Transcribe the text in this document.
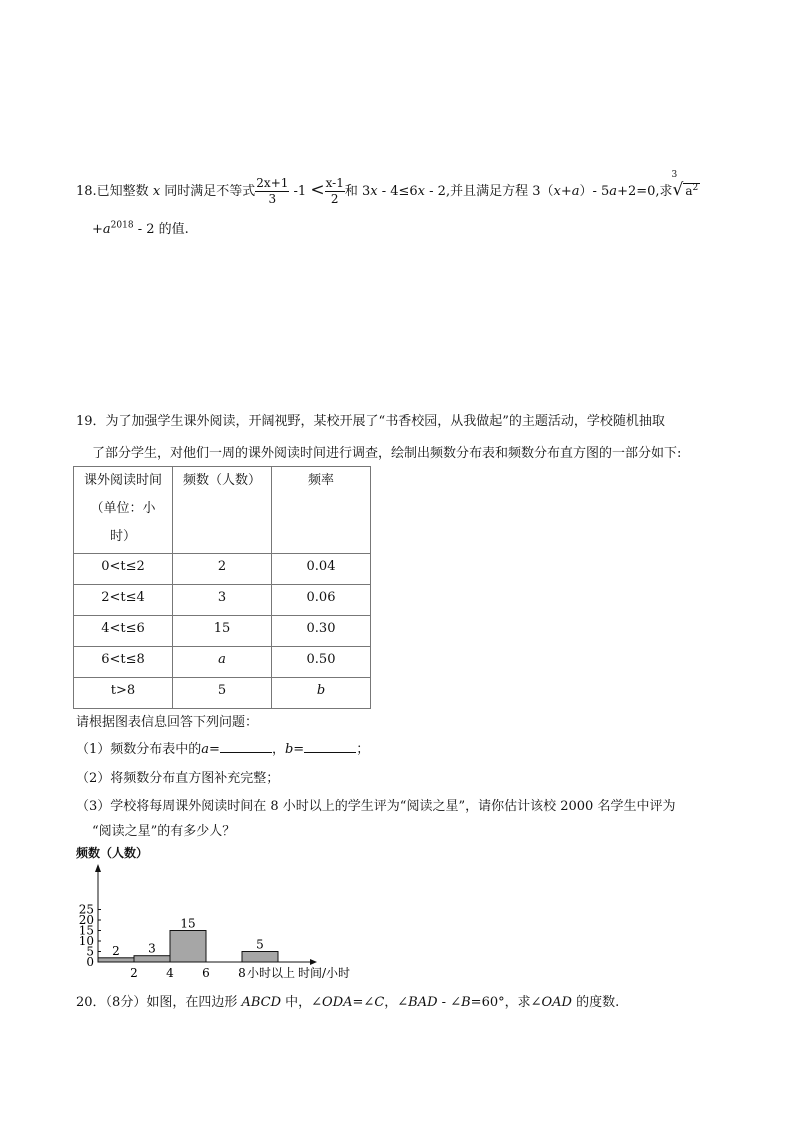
18.已知整数 x 同时满足不等式 $\frac{2x+1}{3} -1 < \frac{x-1}{2}$ 和 3x - 4≤6x - 2,并且满足方程 3（x+a）- 5a+2=0,求
3
√ $a^2$
$+a^{2018} - 2$ 的值.
19．为了加强学生课外阅读，开阔视野，某校开展了“书香校园，从我做起”的主题活动，学校随机抽取
了部分学生，对他们一周的课外阅读时间进行调查，绘制出频数分布表和频数分布直方图的一部分如下:
课外阅读时间
（单位：小
时）	频数（人数）	频率
0<t≤2	2	0.04
2<t≤4	3	0.06
4<t≤6	15	0.30
6<t≤8	a	0.50
t>8	5	b
请根据图表信息回答下列问题：
（1）频数分布表中的a=	，b=	；
（2）将频数分布直方图补充完整；
（3）学校将每周课外阅读时间在 8 小时以上的学生评为“阅读之星”，请你估计该校 2000 名学生中评为
“阅读之星”的有多少人？
频数（人数）
2 3
15
5
0
5
10
15
20
25
2 4 6 8 小时以上 时间/小时
20．（8分）如图，在四边形 ABCD 中，∠ODA=∠C，∠BAD - ∠B=60°，求∠OAD 的度数.
